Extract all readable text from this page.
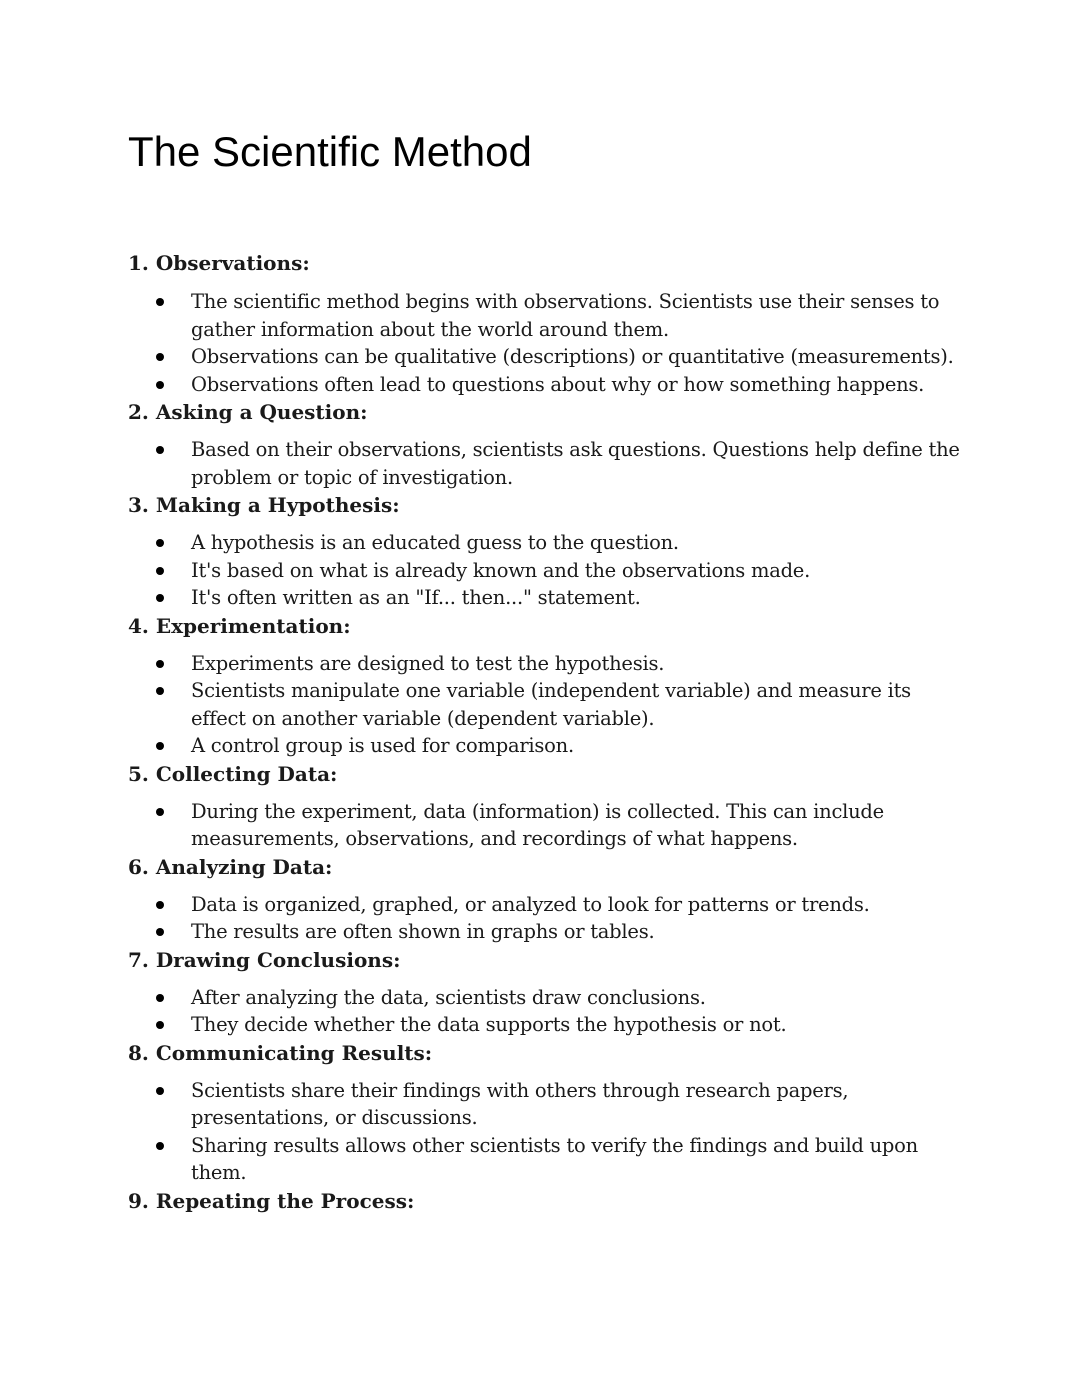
The Scientific Method
1. Observations:
The scientific method begins with observations. Scientists use their senses to gather information about the world around them.
Observations can be qualitative (descriptions) or quantitative (measurements).
Observations often lead to questions about why or how something happens.
2. Asking a Question:
Based on their observations, scientists ask questions. Questions help define the problem or topic of investigation.
3. Making a Hypothesis:
A hypothesis is an educated guess to the question.
It's based on what is already known and the observations made.
It's often written as an "If... then..." statement.
4. Experimentation:
Experiments are designed to test the hypothesis.
Scientists manipulate one variable (independent variable) and measure its effect on another variable (dependent variable).
A control group is used for comparison.
5. Collecting Data:
During the experiment, data (information) is collected. This can include measurements, observations, and recordings of what happens.
6. Analyzing Data:
Data is organized, graphed, or analyzed to look for patterns or trends.
The results are often shown in graphs or tables.
7. Drawing Conclusions:
After analyzing the data, scientists draw conclusions.
They decide whether the data supports the hypothesis or not.
8. Communicating Results:
Scientists share their findings with others through research papers, presentations, or discussions.
Sharing results allows other scientists to verify the findings and build upon them.
9. Repeating the Process:
